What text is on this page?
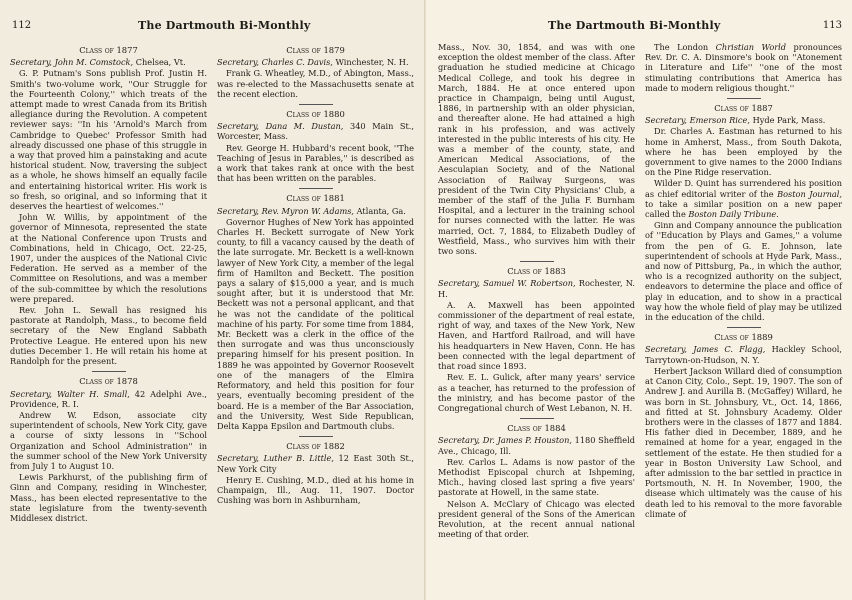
112	The Dartmouth Bi-Monthly
Class of 1877

Secretary, John M. Comstock, Chelsea, Vt.

G. P. Putnam's Sons publish Prof. Justin H. Smith's two-volume work, ''Our Struggle for the Fourteenth Colony,'' which treats of the attempt made to wrest Canada from its British allegiance during the Revolution. A competent reviewer says: ''In his 'Arnold's March from Cambridge to Quebec' Professor Smith had already discussed one phase of this struggle in a way that proved him a painstaking and acute historical student. Now, traversing the subject as a whole, he shows himself an equally facile and entertaining historical writer. His work is so fresh, so original, and so informing that it deserves the heartiest of welcomes.''

John W. Willis, by appointment of the governor of Minnesota, represented the state at the National Conference upon Trusts and Combinations, held in Chicago, Oct. 22-25, 1907, under the auspices of the National Civic Federation. He served as a member of the Committee on Resolutions, and was a member of the sub-committee by which the resolutions were prepared.

Rev. John L. Sewall has resigned his pastorate at Randolph, Mass., to become field secretary of the New England Sabbath Protective League. He entered upon his new duties December 1. He will retain his home at Randolph for the present.

Class of 1878

Secretary, Walter H. Small, 42 Adelphi Ave., Providence, R. I.

Andrew W. Edson, associate city superintendent of schools, New York City, gave a course of sixty lessons in ''School Organization and School Administration'' in the summer school of the New York University from July 1 to August 10.

Lewis Parkhurst, of the publishing firm of Ginn and Company, residing in Winchester, Mass., has been elected representative to the state legislature from the twenty-seventh Middlesex district.

Class of 1879

Secretary, Charles C. Davis, Winchester, N. H.

Frank G. Wheatley, M.D., of Abington, Mass., was re-elected to the Massachusetts senate at the recent election.

Class of 1880

Secretary, Dana M. Dustan, 340 Main St., Worcester, Mass.

Rev. George H. Hubbard's recent book, ''The Teaching of Jesus in Parables,'' is described as a work that takes rank at once with the best that has been written on the parables.

Class of 1881

Secretary, Rev. Myron W. Adams, Atlanta, Ga.

Governor Hughes of New York has appointed Charles H. Beckett surrogate of New York county, to fill a vacancy caused by the death of the late surrogate. Mr. Beckett is a well-known lawyer of New York City, a member of the legal firm of Hamilton and Beckett. The position pays a salary of $15,000 a year, and is much sought after, but it is understood that Mr. Beckett was not a personal applicant, and that he was not the candidate of the political machine of his party. For some time from 1884, Mr. Beckett was a clerk in the office of the then surrogate and was thus unconsciously preparing himself for his present position. In 1889 he was appointed by Governor Roosevelt one of the managers of the Elmira Reformatory, and held this position for four years, eventually becoming president of the board. He is a member of the Bar Association, and the University, West Side Republican, Delta Kappa Epsilon and Dartmouth clubs.

Class of 1882

Secretary, Luther B. Little, 12 East 30th St., New York City

Henry E. Cushing, M.D., died at his home in Champaign, Ill., Aug. 11, 1907. Doctor Cushing was born in Ashburnham,

The Dartmouth Bi-Monthly	113

Mass., Nov. 30, 1854, and was with one exception the oldest member of the class. After graduation he studied medicine at Chicago Medical College, and took his degree in March, 1884. He at once entered upon practice in Champaign, being until August, 1886, in partnership with an older physician, and thereafter alone. He had attained a high rank in his profession, and was actively interested in the public interests of his city. He was a member of the county, state, and American Medical Associations, of the Aesculapian Society, and of the National Association of Railway Surgeons, was president of the Twin City Physicians' Club, a member of the staff of the Julia F. Burnham Hospital, and a lecturer in the training school for nurses connected with the latter. He was married, Oct. 7, 1884, to Elizabeth Dudley of Westfield, Mass., who survives him with their two sons.

Class of 1883

Secretary, Samuel W. Robertson, Rochester, N. H.

A. A. Maxwell has been appointed commissioner of the department of real estate, right of way, and taxes of the New York, New Haven, and Hartford Railroad, and will have his headquarters in New Haven, Conn. He has been connected with the legal department of that road since 1893.

Rev. E. L. Gulick, after many years' service as a teacher, has returned to the profession of the ministry, and has become pastor of the Congregational church of West Lebanon, N. H.

Class of 1884

Secretary, Dr. James P. Houston, 1180 Sheffield Ave., Chicago, Ill.

Rev. Carlos L. Adams is now pastor of the Methodist Episcopal church at Ishpeming, Mich., having closed last spring a five years' pastorate at Howell, in the same state.

Nelson A. McClary of Chicago was elected president general of the Sons of the American Revolution, at the recent annual national meeting of that order.

The London Christian World pronounces Rev. Dr. C. A. Dinsmore's book on ''Atonement in Literature and Life'' ''one of the most stimulating contributions that America has made to modern religious thought.''

Class of 1887

Secretary, Emerson Rice, Hyde Park, Mass.

Dr. Charles A. Eastman has returned to his home in Amherst, Mass., from South Dakota, where he has been employed by the government to give names to the 2000 Indians on the Pine Ridge reservation.

Wilder D. Quint has surrendered his position as chief editorial writer of the Boston Journal, to take a similar position on a new paper called the Boston Daily Tribune.

Ginn and Company announce the publication of ''Education by Plays and Games,'' a volume from the pen of G. E. Johnson, late superintendent of schools at Hyde Park, Mass., and now of Pittsburg, Pa., in which the author, who is a recognized authority on the subject, endeavors to determine the place and office of play in education, and to show in a practical way how the whole field of play may be utilized in the education of the child.

Class of 1889

Secretary, James C. Flagg, Hackley School, Tarrytown-on-Hudson, N. Y.

Herbert Jackson Willard died of consumption at Canon City, Colo., Sept. 19, 1907. The son of Andrew J. and Aurilla B. (McGaffey) Willard, he was born in St. Johnsbury, Vt., Oct. 14, 1866, and fitted at St. Johnsbury Academy. Older brothers were in the classes of 1877 and 1884. His father died in December, 1889, and he remained at home for a year, engaged in the settlement of the estate. He then studied for a year in Boston University Law School, and after admission to the bar settled in practice in Portsmouth, N. H. In November, 1900, the disease which ultimately was the cause of his death led to his removal to the more favorable climate of
